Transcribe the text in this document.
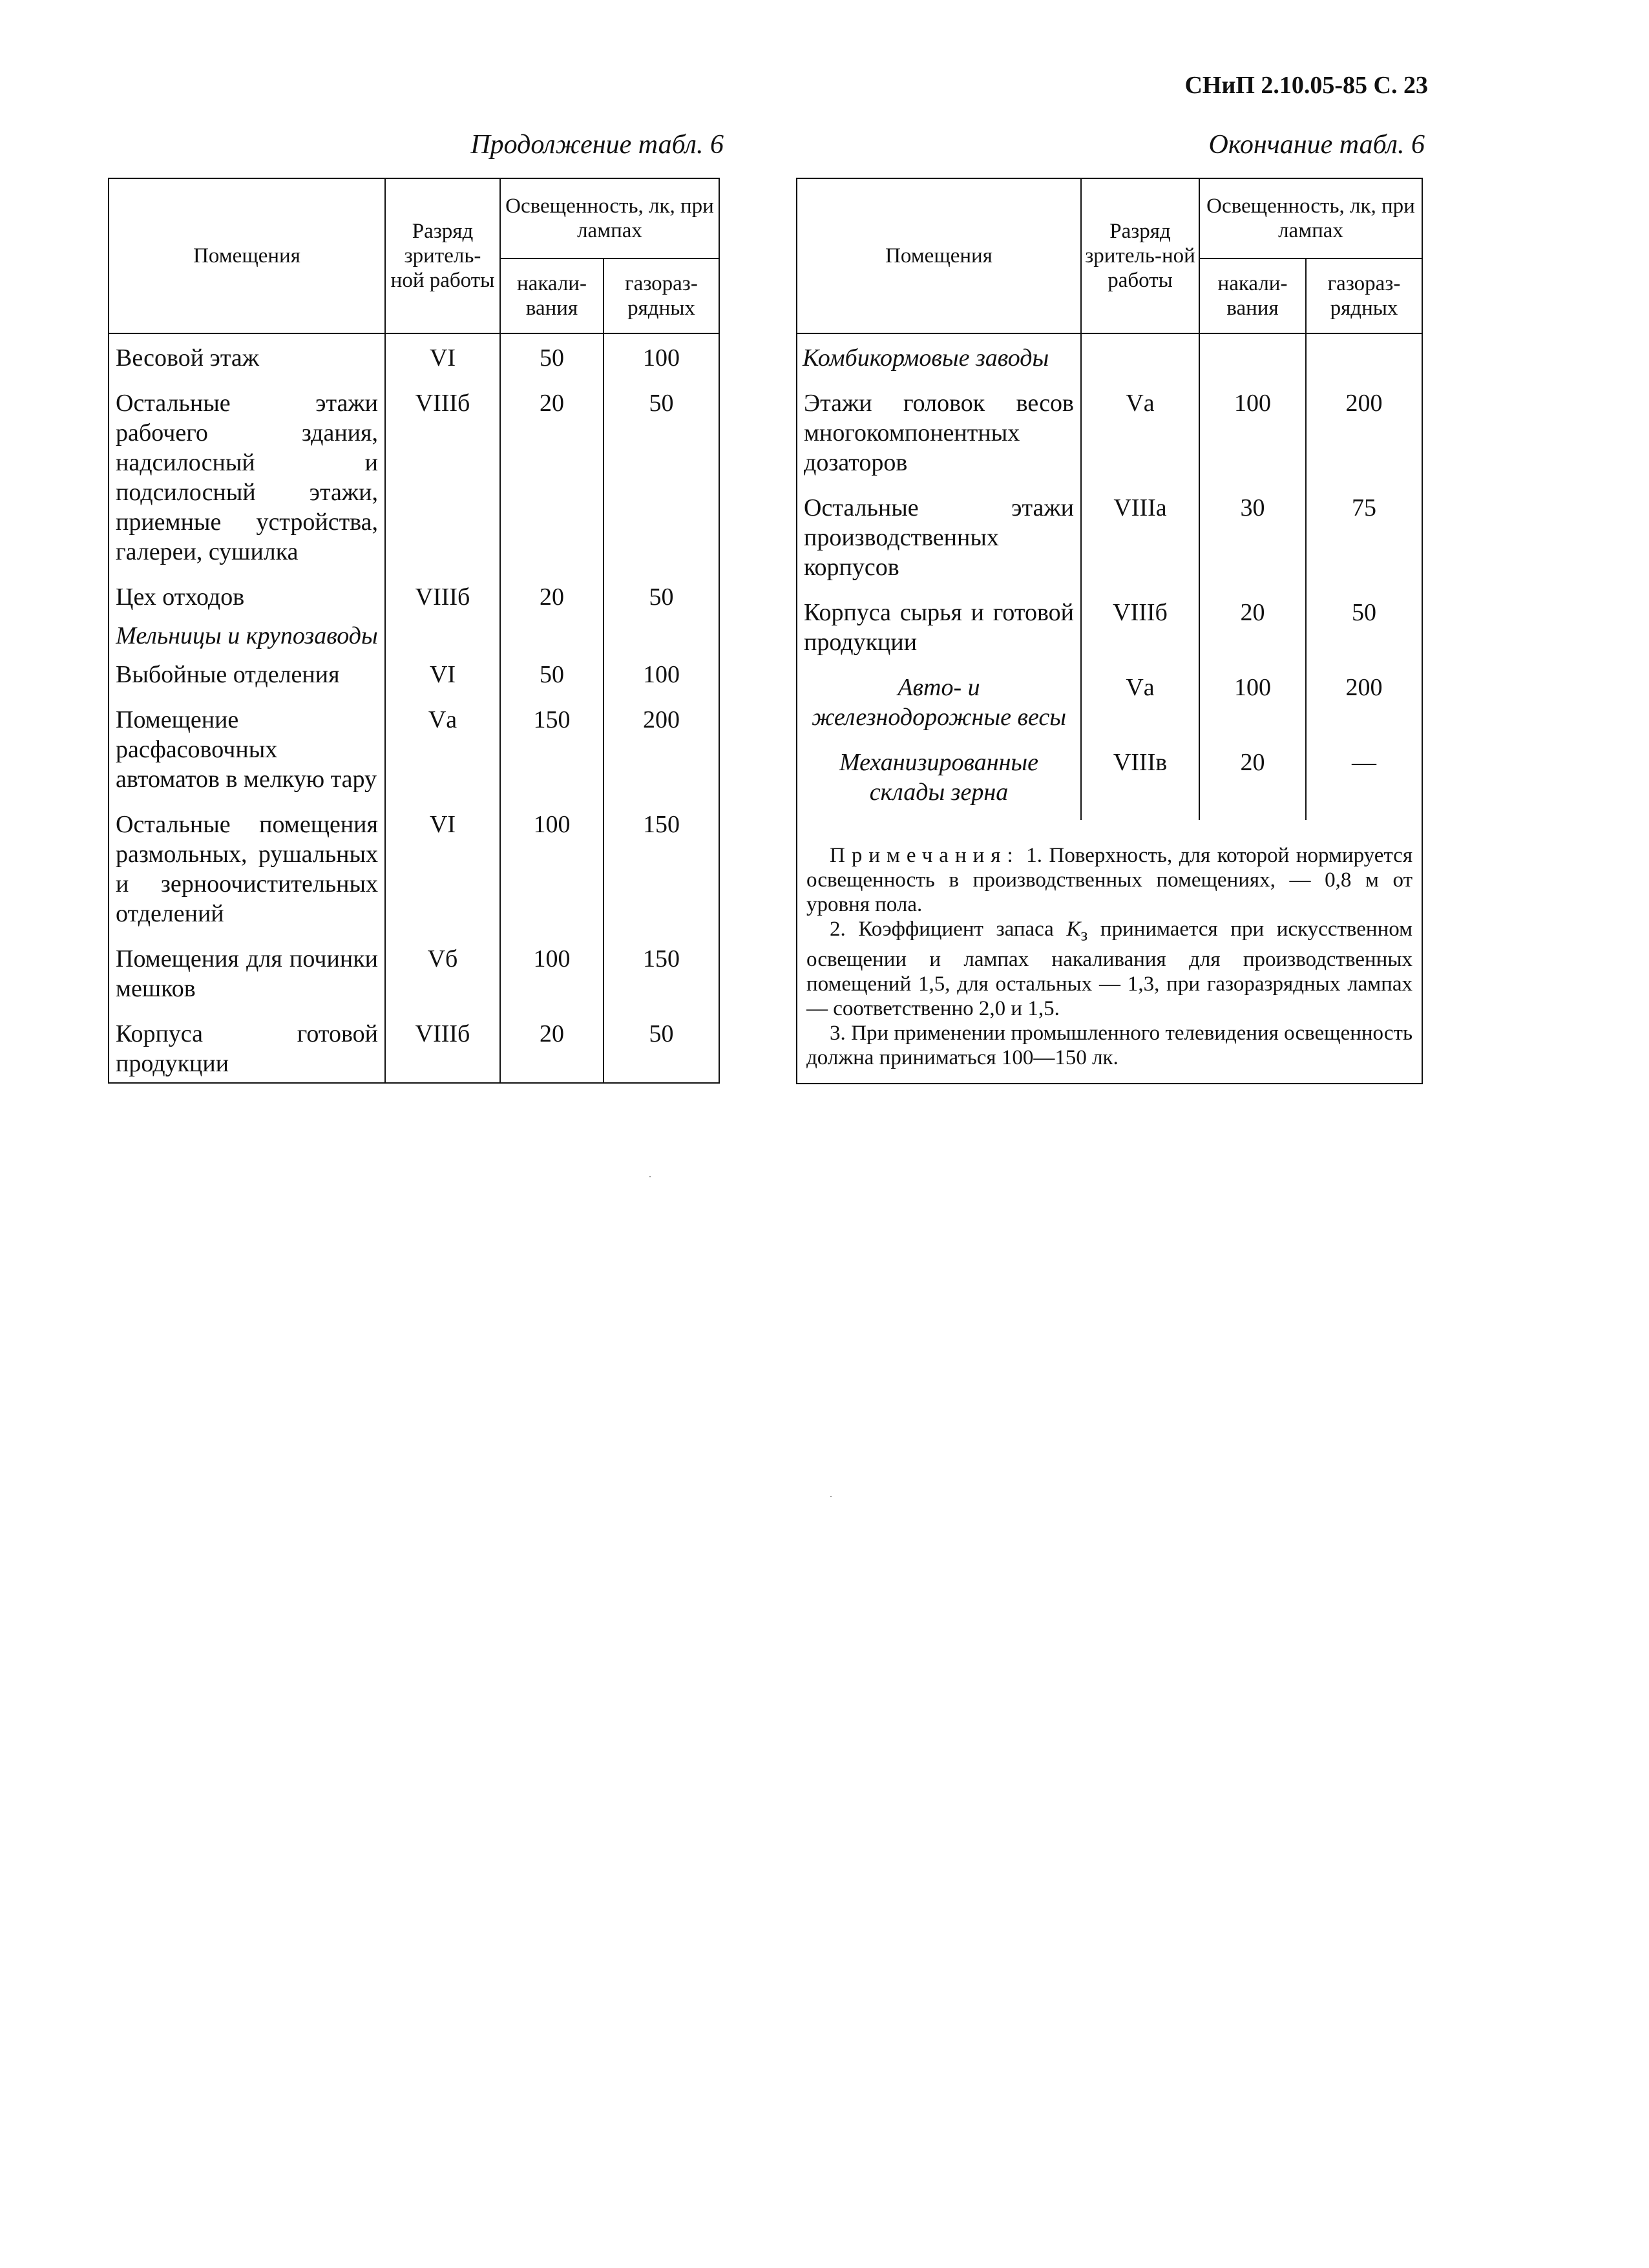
СНиП 2.10.05-85 С. 23
Продолжение табл. 6	Окончание табл. 6
Помещения	Разряд зритель-ной работы	Освещенность, лк, при лампах	
		накали-вания	газораз-рядных
Весовой этаж	VI	50	100
Остальные этажи рабочего здания, надсилосный и подсилосный этажи, приемные устройства, галереи, сушилка	VIIIб	20	50
Цех отходов	VIIIб	20	50
Мельницы и крупозаводы			
Выбойные отделения	VI	50	100
Помещение расфасовочных автоматов в мелкую тару	Vа	150	200
Остальные помещения размольных, рушальных и зерноочистительных отделений	VI	100	150
Помещения для починки мешков	Vб	100	150
Корпуса готовой продукции	VIIIб	20	50
Помещения	Разряд зритель-ной работы	Освещенность, лк, при лампах	
		накали-вания	газораз-рядных
Комбикормовые заводы			
Этажи головок весов многокомпонентных дозаторов	Vа	100	200
Остальные этажи производственных корпусов	VIIIа	30	75
Корпуса сырья и готовой продукции	VIIIб	20	50
Авто- и железнодорожные весы	Vа	100	200
Механизированные склады зерна	VIIIв	20	—

Примечания: 1. Поверхность, для которой нормируется освещенность в производственных помещениях, — 0,8 м от уровня пола.

2. Коэффициент запаса $К_з$ принимается при искусственном освещении и лампах накаливания для производственных помещений 1,5, для остальных — 1,3, при газоразрядных лампах — соответственно 2,0 и 1,5.

3. При применении промышленного телевидения освещенность должна приниматься 100—150 лк.			
